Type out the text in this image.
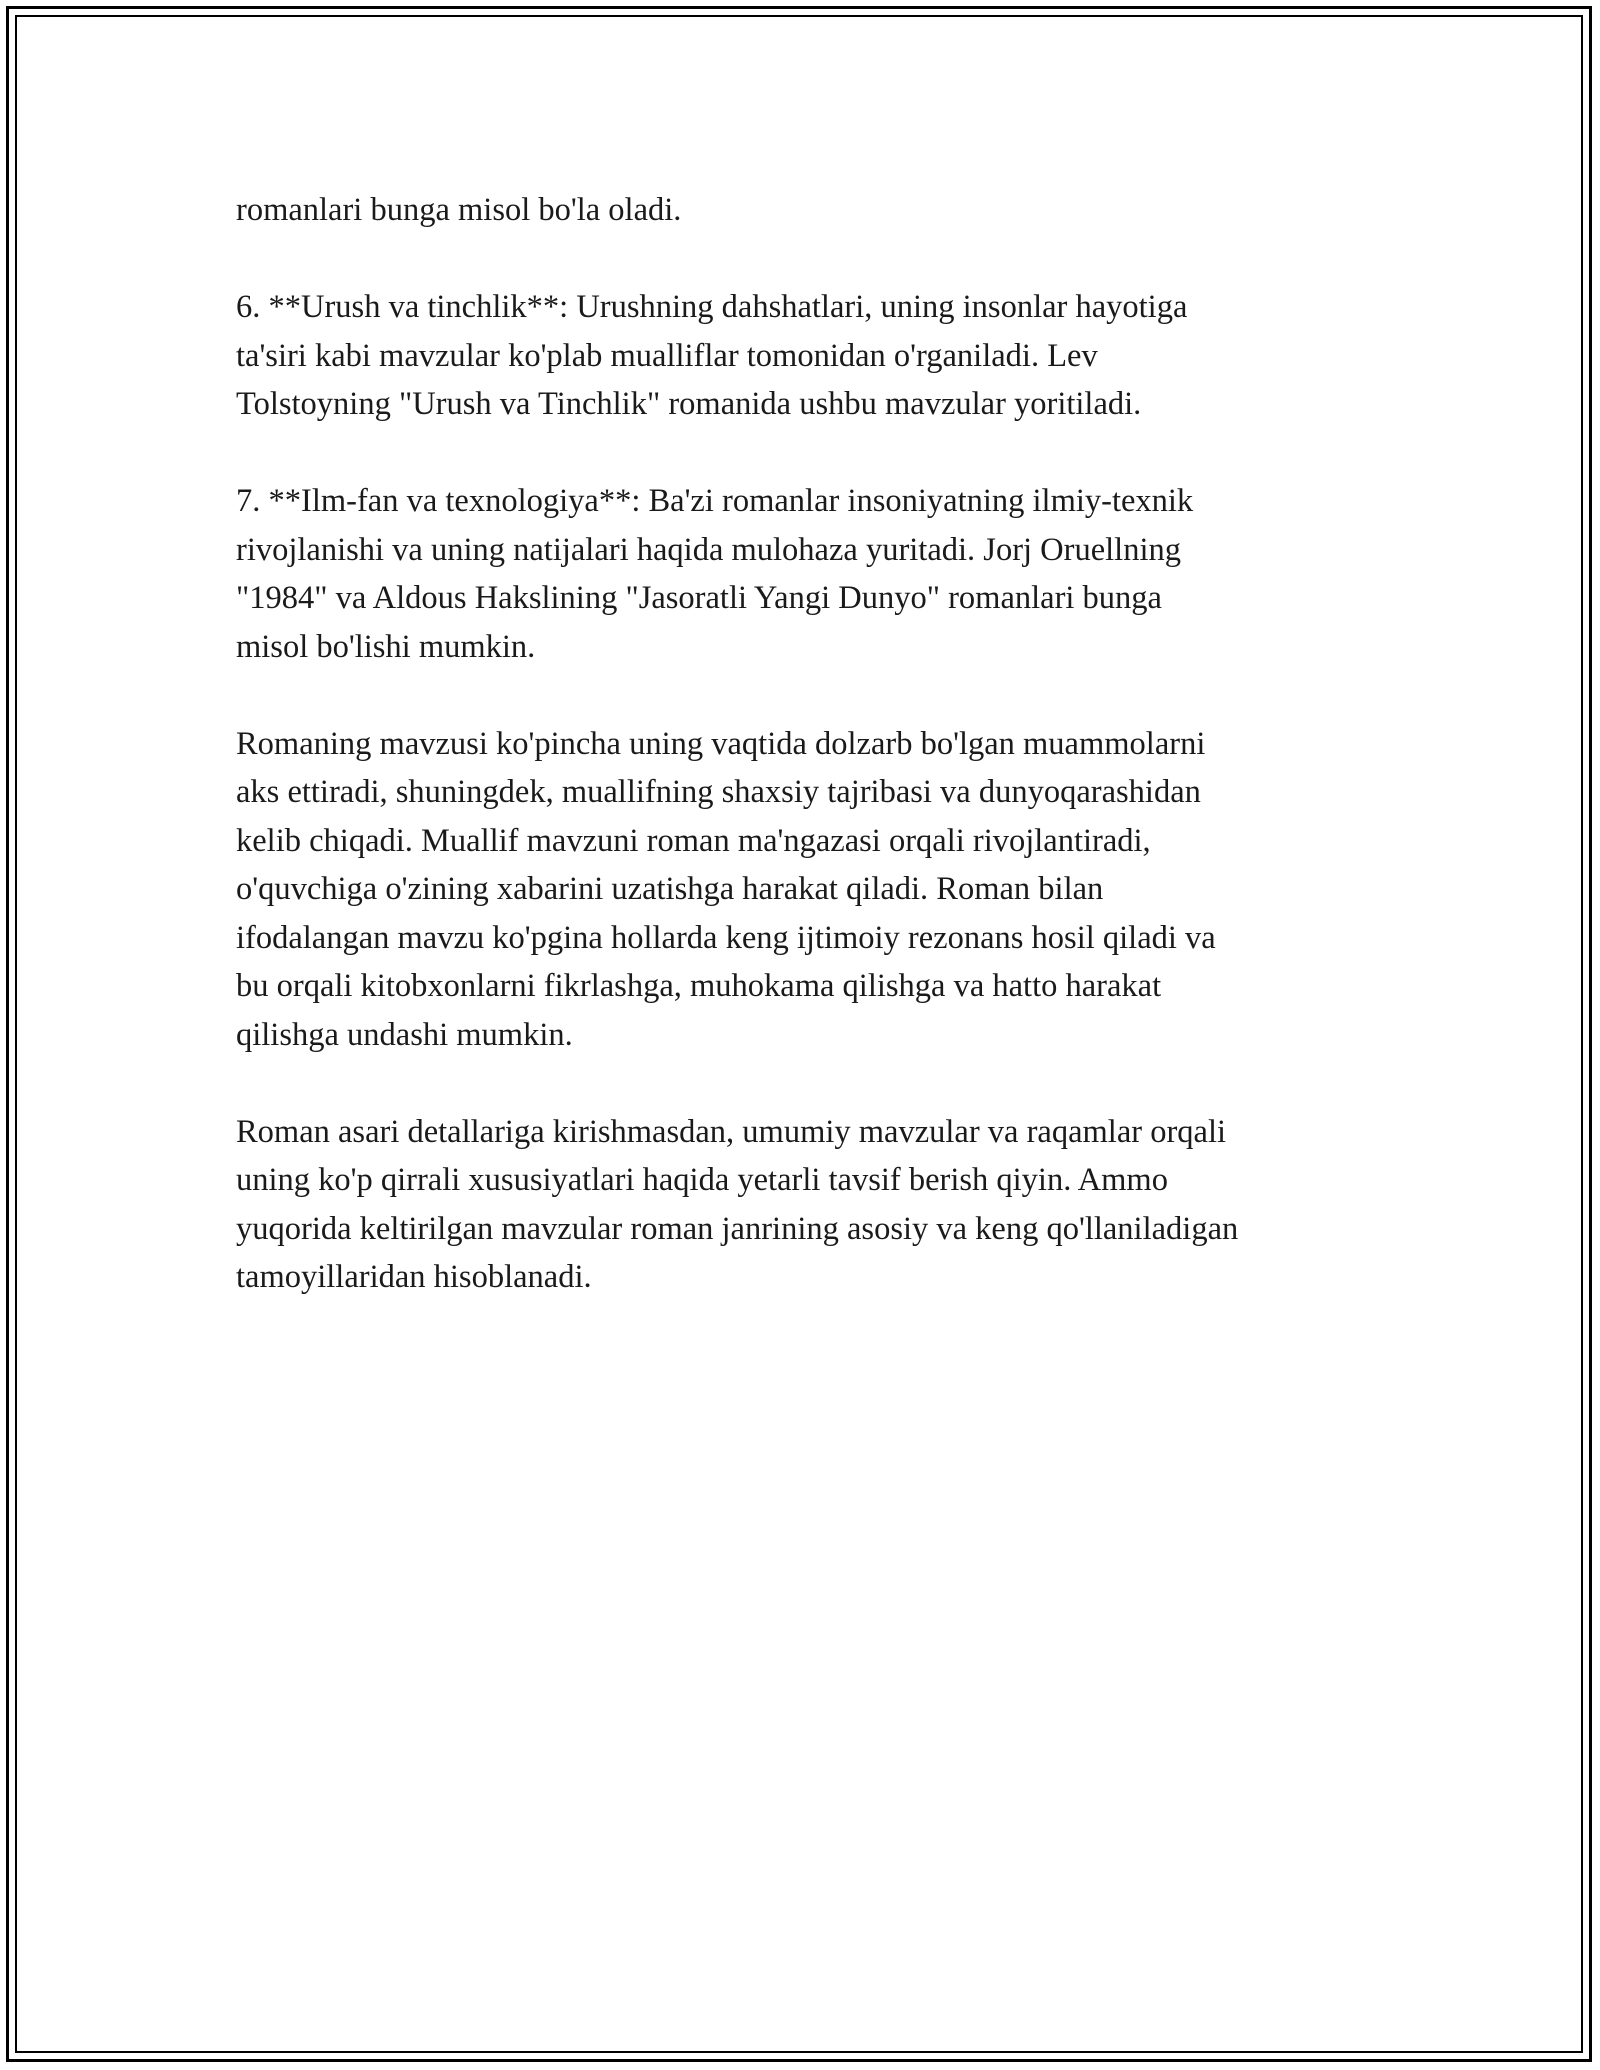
romanlari bunga misol bo'la oladi.

6. **Urush va tinchlik**: Urushning dahshatlari, uning insonlar hayotiga
ta'siri kabi mavzular ko'plab mualliflar tomonidan o'rganiladi. Lev
Tolstoyning "Urush va Tinchlik" romanida ushbu mavzular yoritiladi.

7. **Ilm-fan va texnologiya**: Ba'zi romanlar insoniyatning ilmiy-texnik
rivojlanishi va uning natijalari haqida mulohaza yuritadi. Jorj Oruellning
"1984" va Aldous Hakslining "Jasoratli Yangi Dunyo" romanlari bunga
misol bo'lishi mumkin.

Romaning mavzusi ko'pincha uning vaqtida dolzarb bo'lgan muammolarni
aks ettiradi, shuningdek, muallifning shaxsiy tajribasi va dunyoqarashidan
kelib chiqadi. Muallif mavzuni roman ma'ngazasi orqali rivojlantiradi,
o'quvchiga o'zining xabarini uzatishga harakat qiladi. Roman bilan
ifodalangan mavzu ko'pgina hollarda keng ijtimoiy rezonans hosil qiladi va
bu orqali kitobxonlarni fikrlashga, muhokama qilishga va hatto harakat
qilishga undashi mumkin.

Roman asari detallariga kirishmasdan, umumiy mavzular va raqamlar orqali
uning ko'p qirrali xususiyatlari haqida yetarli tavsif berish qiyin. Ammo
yuqorida keltirilgan mavzular roman janrining asosiy va keng qo'llaniladigan
tamoyillaridan hisoblanadi.
